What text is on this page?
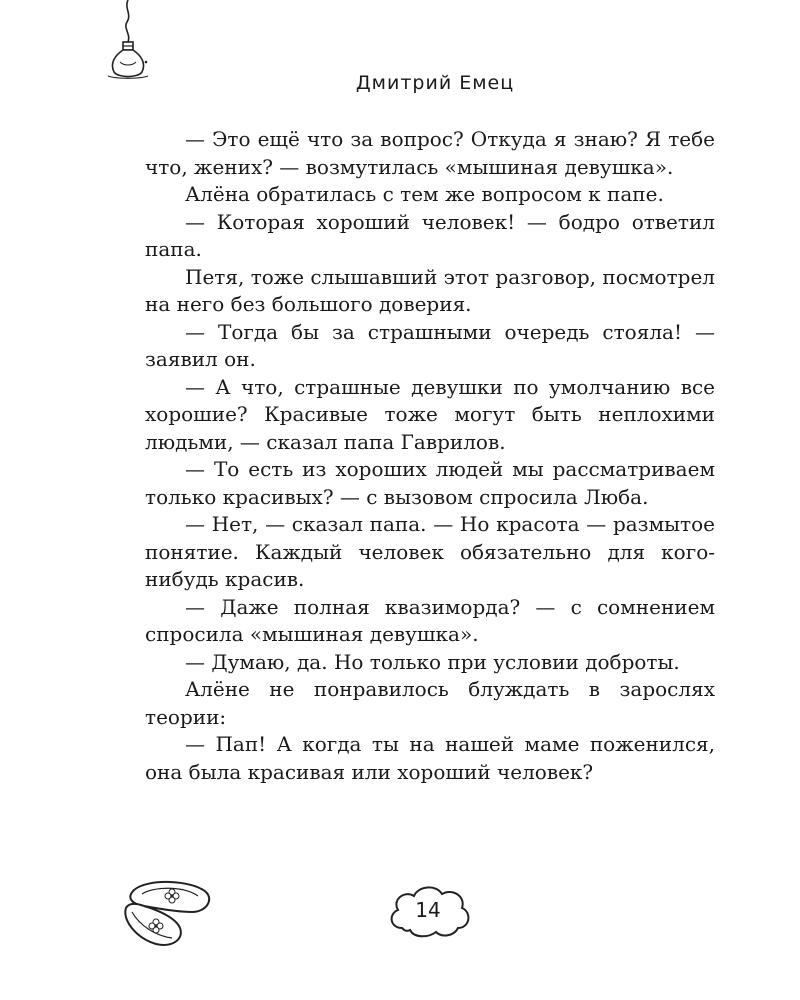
Дмитрий Емец

— Это ещё что за вопрос? Откуда я знаю? Я тебе что, жених? — возмутилась «мышиная девушка».

Алёна обратилась с тем же вопросом к папе.

— Которая хороший человек! — бодро ответил папа.

Петя, тоже слышавший этот разговор, посмотрел на него без большого доверия.

— Тогда бы за страшными очередь стояла! — заявил он.

— А что, страшные девушки по умолчанию все хорошие? Красивые тоже могут быть неплохими людьми, — сказал папа Гаврилов.

— То есть из хороших людей мы рассматриваем только красивых? — с вызовом спросила Люба.

— Нет, — сказал папа. — Но красота — размытое понятие. Каждый человек обязательно для кого-нибудь красив.

— Даже полная квазиморда? — с сомнением спросила «мышиная девушка».

— Думаю, да. Но только при условии доброты.

Алёне не понравилось блуждать в зарослях теории:

— Пап! А когда ты на нашей маме поженился, она была красивая или хороший человек?

14
